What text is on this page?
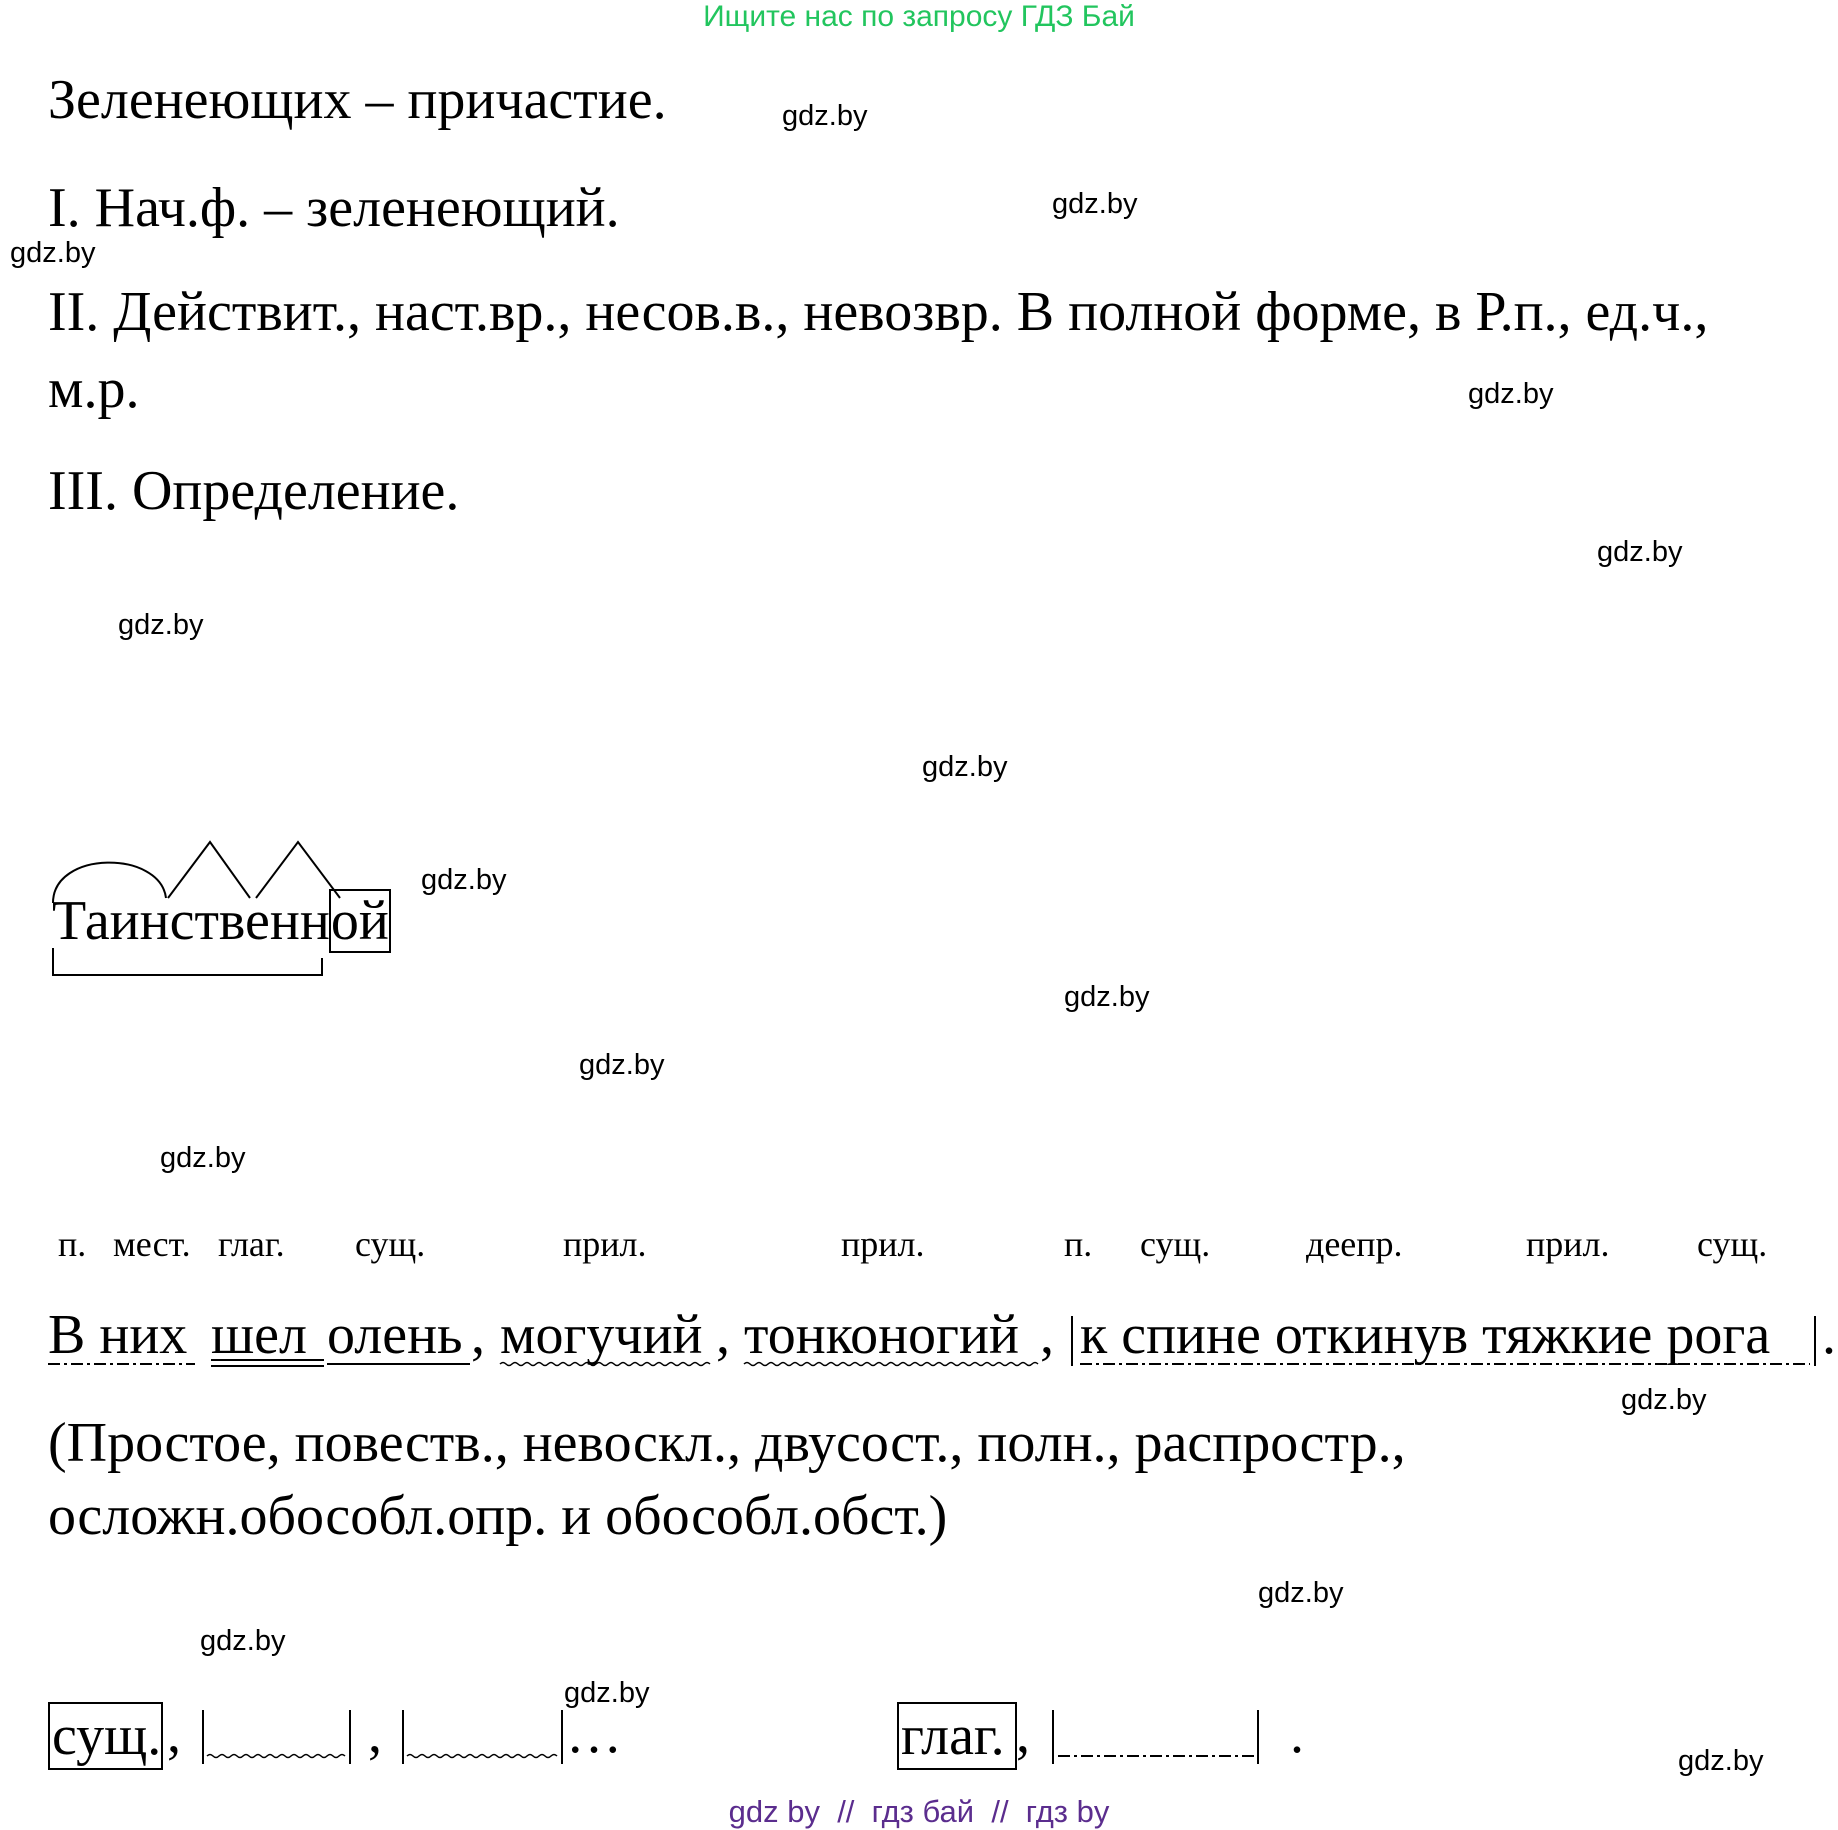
Ищите нас по запросу ГДЗ Бай
Зеленеющих – причастие.
I. Нач.ф. – зеленеющий.
II. Действит., наст.вр., несов.в., невозвр. В полной форме, в Р.п., ед.ч.,
м.р.
III. Определение.
Таинственной
п. мест. глаг. сущ.	прил.	прил.	п. сущ.	деепр.	прил. сущ.
В них шел олень , могучий , тонконогий , к спине откинув тяжкие рога .
(Простое, повеств., невоскл., двусост., полн., распростр.,
осложн.обособл.опр. и обособл.обст.)
сущ. ,	,	…	глаг. ,	.
gdz.by
gdz.by
gdz.by
gdz.by
gdz.by
gdz.by
gdz.by
gdz.by
gdz.by
gdz.by
gdz.by
gdz.by
gdz.by
gdz.by
gdz.by
gdz.by
gdz by // гдз бай // гдз by
